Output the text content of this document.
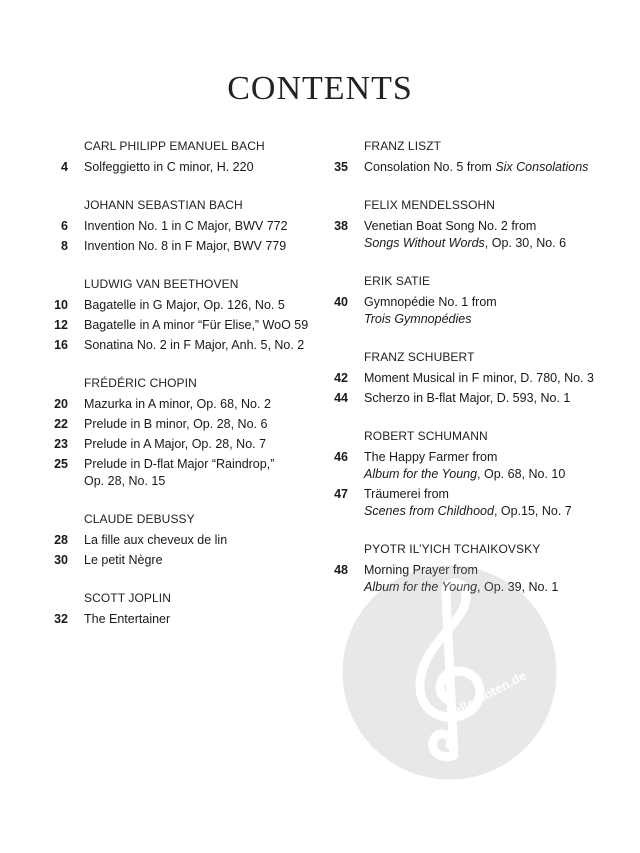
CONTENTS
CARL PHILIPP EMANUEL BACH
4	Solfeggietto in C minor, H. 220
JOHANN SEBASTIAN BACH
6	Invention No. 1 in C Major, BWV 772
8	Invention No. 8 in F Major, BWV 779
LUDWIG VAN BEETHOVEN
10	Bagatelle in G Major, Op. 126, No. 5
12	Bagatelle in A minor “Für Elise,” WoO 59
16	Sonatina No. 2 in F Major, Anh. 5, No. 2
FRÉDÉRIC CHOPIN
20	Mazurka in A minor, Op. 68, No. 2
22	Prelude in B minor, Op. 28, No. 6
23	Prelude in A Major, Op. 28, No. 7
25	Prelude in D-flat Major “Raindrop,”
Op. 28, No. 15
CLAUDE DEBUSSY
28	La fille aux cheveux de lin
30	Le petit Nègre
SCOTT JOPLIN
32	The Entertainer
FRANZ LISZT
35	Consolation No. 5 from Six Consolations
FELIX MENDELSSOHN
38	Venetian Boat Song No. 2 from
Songs Without Words, Op. 30, No. 6
ERIK SATIE
40	Gymnopédie No. 1 from
Trois Gymnopédies
FRANZ SCHUBERT
42	Moment Musical in F minor, D. 780, No. 3
44	Scherzo in B-flat Major, D. 593, No. 1
ROBERT SCHUMANN
46	The Happy Farmer from
Album for the Young, Op. 68, No. 10
47	Träumerei from
Scenes from Childhood, Op.15, No. 7
PYOTR IL’YICH TCHAIKOVSKY
48	Morning Prayer from
Album for the Young, Op. 39, No. 1
alle-noten.de
